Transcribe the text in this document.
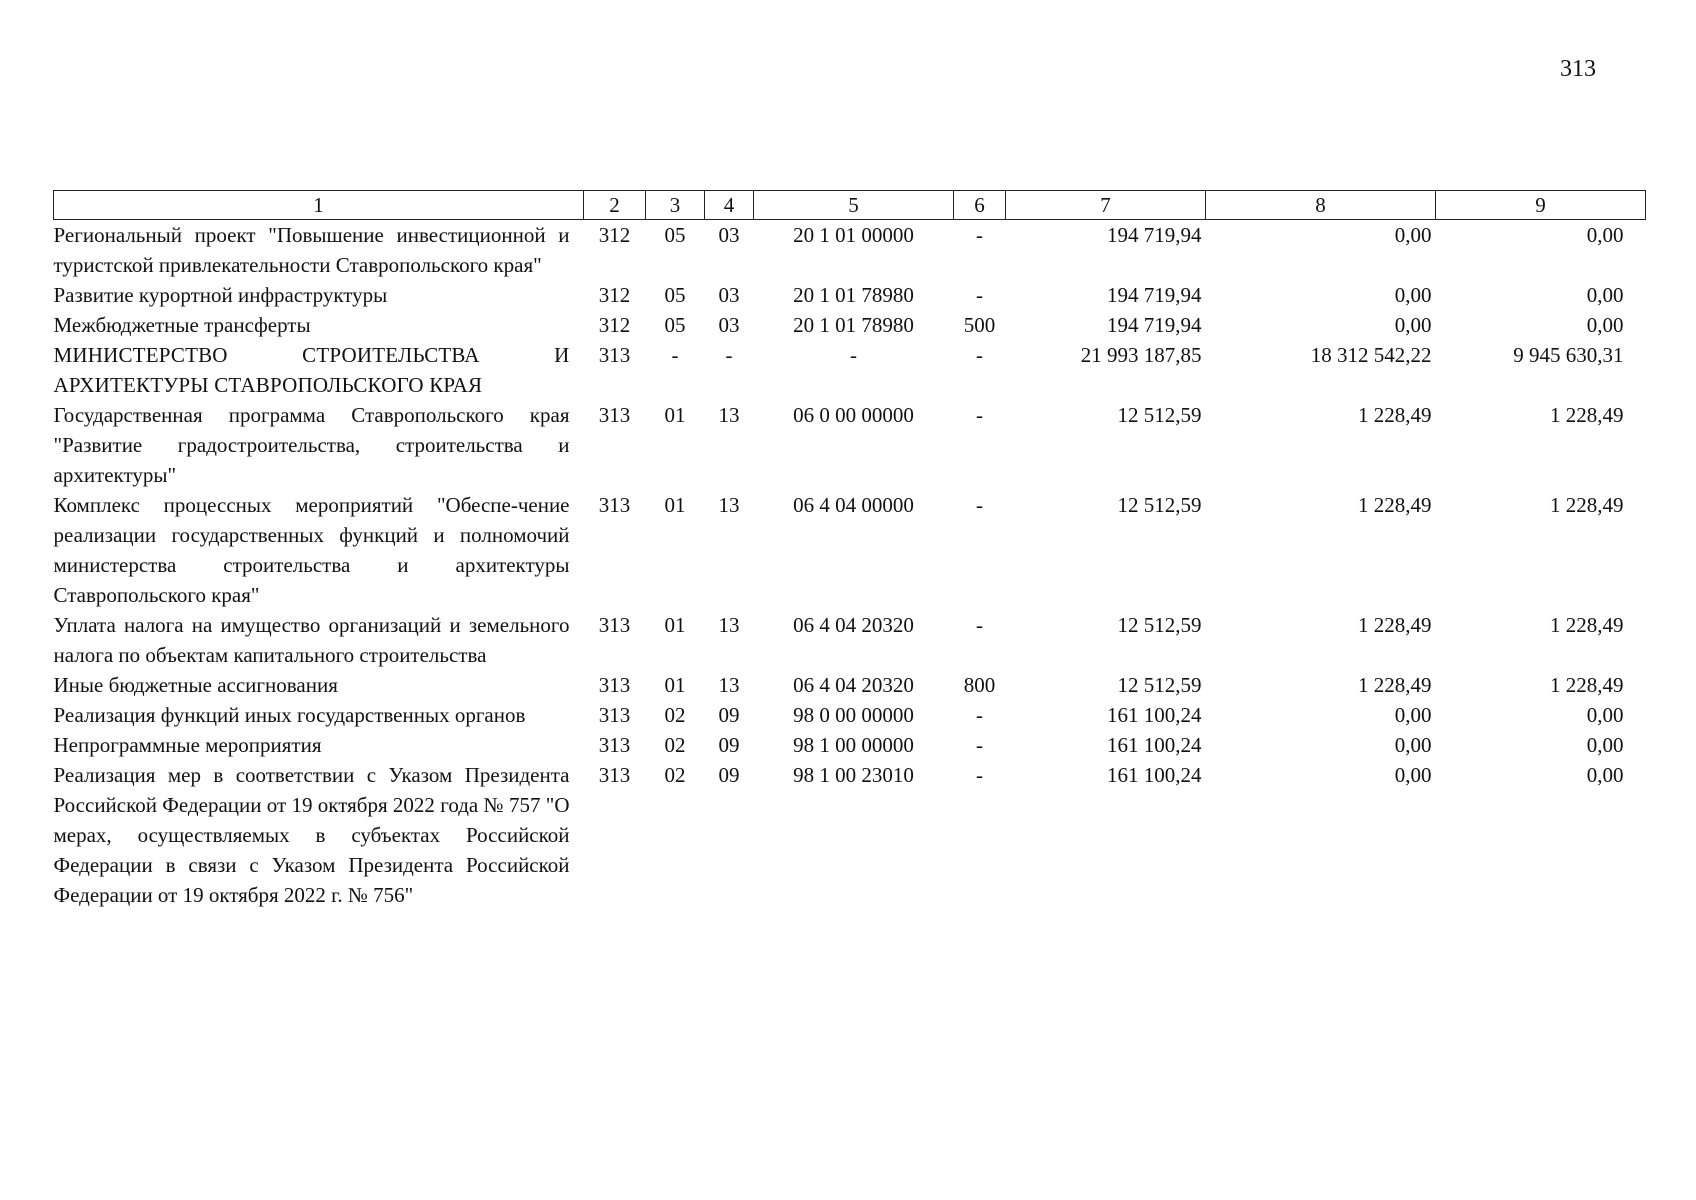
313
1	2	3	4	5	6	7	8	9
Региональный проект "Повышение инвестиционной и туристской привлекательности Ставропольского края"	312	05	03	20 1 01 00000	-	194 719,94	0,00	0,00
Развитие курортной инфраструктуры	312	05	03	20 1 01 78980	-	194 719,94	0,00	0,00
Межбюджетные трансферты	312	05	03	20 1 01 78980	500	194 719,94	0,00	0,00
МИНИСТЕРСТВО СТРОИТЕЛЬСТВА И АРХИТЕКТУРЫ СТАВРОПОЛЬСКОГО КРАЯ	313	-	-	-	-	21 993 187,85	18 312 542,22	9 945 630,31
Государственная программа Ставропольского края "Развитие градостроительства, строительства и архитектуры"	313	01	13	06 0 00 00000	-	12 512,59	1 228,49	1 228,49
Комплекс процессных мероприятий "Обеспе-чение реализации государственных функций и полномочий министерства строительства и архитектуры Ставропольского края"	313	01	13	06 4 04 00000	-	12 512,59	1 228,49	1 228,49
Уплата налога на имущество организаций и земельного налога по объектам капитального строительства	313	01	13	06 4 04 20320	-	12 512,59	1 228,49	1 228,49
Иные бюджетные ассигнования	313	01	13	06 4 04 20320	800	12 512,59	1 228,49	1 228,49
Реализация функций иных государственных органов	313	02	09	98 0 00 00000	-	161 100,24	0,00	0,00
Непрограммные мероприятия	313	02	09	98 1 00 00000	-	161 100,24	0,00	0,00
Реализация мер в соответствии с Указом Президента Российской Федерации от 19 октября 2022 года № 757 "О мерах, осуществляемых в субъектах Российской Федерации в связи с Указом Президента Российской Федерации от 19 октября 2022 г. № 756"	313	02	09	98 1 00 23010	-	161 100,24	0,00	0,00
